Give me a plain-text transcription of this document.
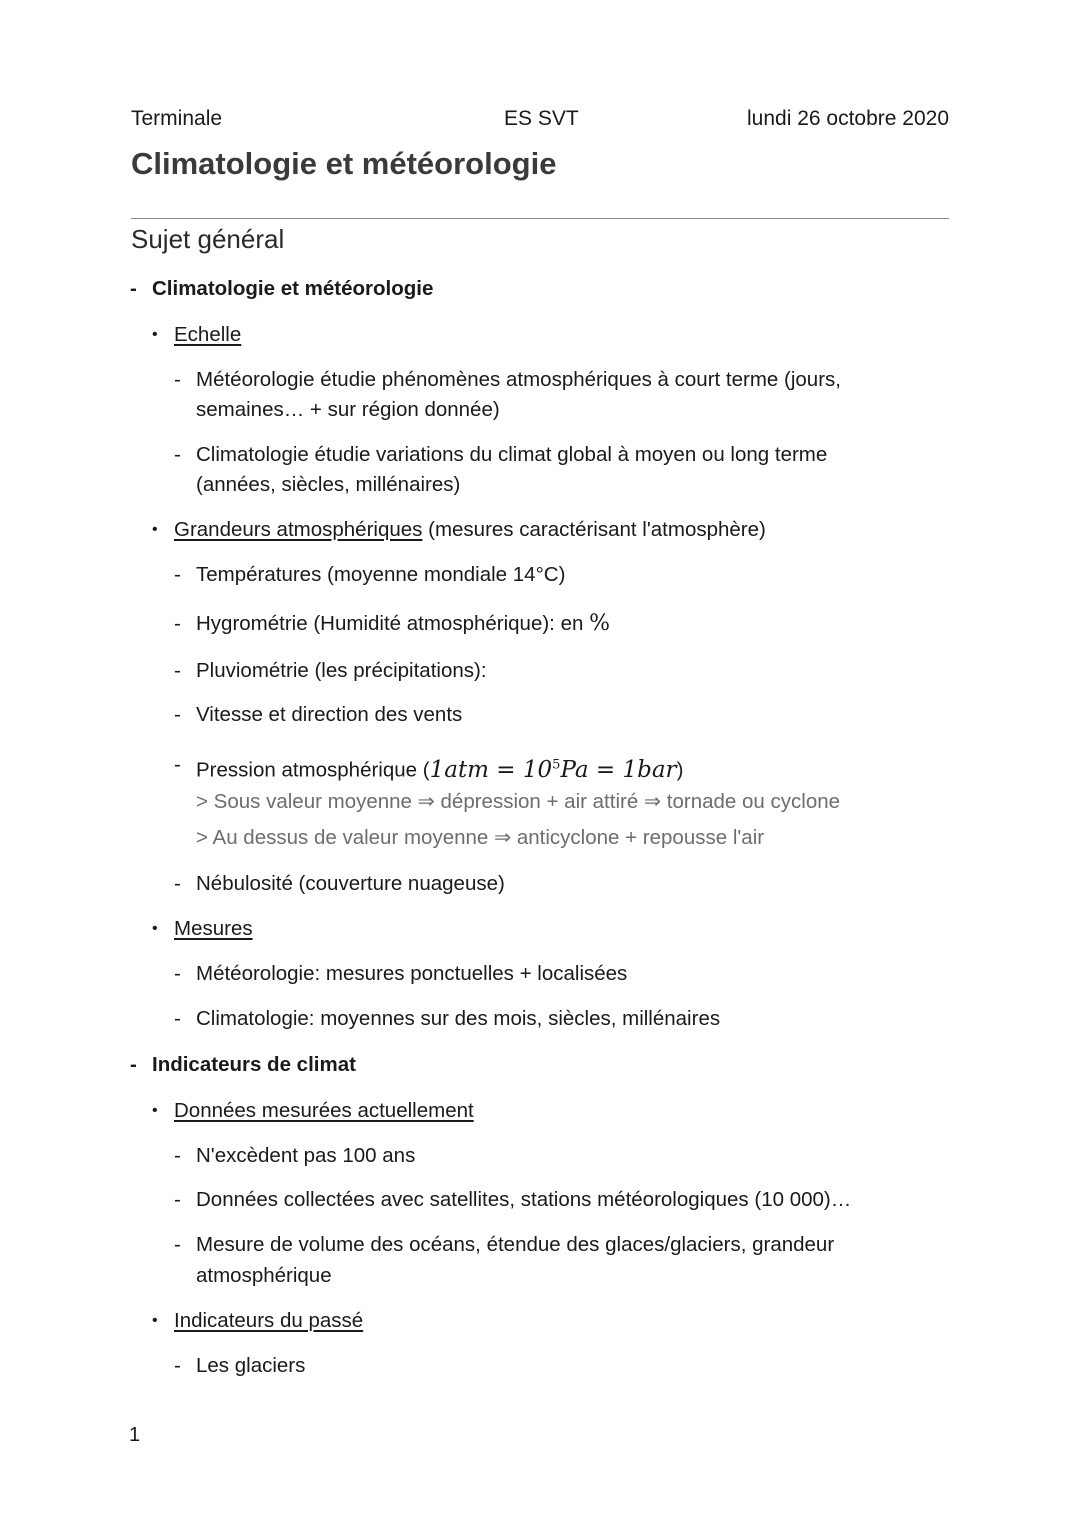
Terminale	ES SVT	lundi 26 octobre 2020
Climatologie et météorologie
Sujet général
- Climatologie et météorologie
• Echelle
- Météorologie étudie phénomènes atmosphériques à court terme (jours,
semaines… + sur région donnée)
- Climatologie étudie variations du climat global à moyen ou long terme
(années, siècles, millénaires)
• Grandeurs atmosphériques (mesures caractérisant l'atmosphère)
- Températures (moyenne mondiale 14°C)
- Hygrométrie (Humidité atmosphérique): en %
- Pluviométrie (les précipitations):
- Vitesse et direction des vents
- Pression atmosphérique $(1atm = 10^5Pa = 1bar)$
> Sous valeur moyenne ⇒ dépression + air attiré ⇒ tornade ou cyclone
> Au dessus de valeur moyenne ⇒ anticyclone + repousse l'air
- Nébulosité (couverture nuageuse)
• Mesures
- Météorologie: mesures ponctuelles + localisées
- Climatologie: moyennes sur des mois, siècles, millénaires
- Indicateurs de climat
• Données mesurées actuellement
- N'excèdent pas 100 ans
- Données collectées avec satellites, stations météorologiques (10 000)…
- Mesure de volume des océans, étendue des glaces/glaciers, grandeur
atmosphérique
• Indicateurs du passé
- Les glaciers
1
